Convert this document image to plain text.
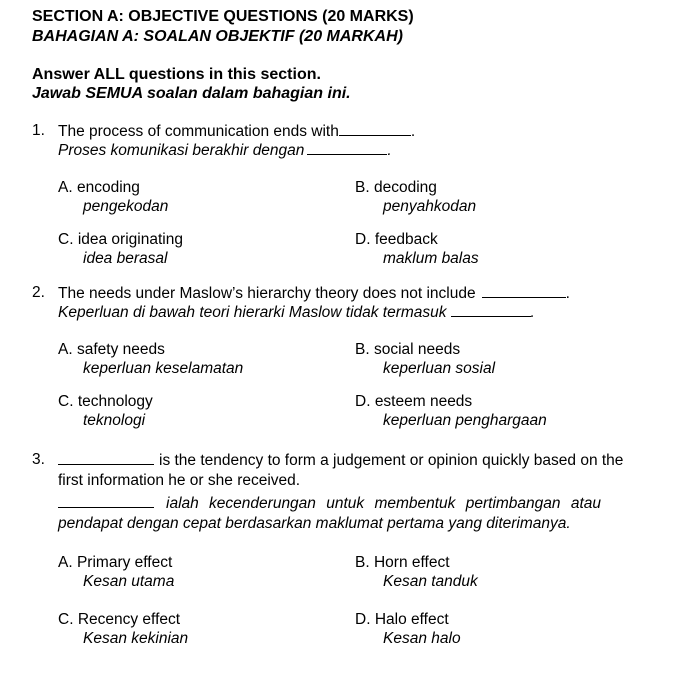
SECTION A: OBJECTIVE QUESTIONS (20 MARKS)
BAHAGIAN A: SOALAN OBJEKTIF (20 MARKAH)
Answer ALL questions in this section.
Jawab SEMUA soalan dalam bahagian ini.
1. The process of communication ends with	.
Proses komunikasi berakhir dengan	.
A. encoding
pengekodan
B. decoding
penyahkodan
C. idea originating
idea berasal
D. feedback
maklum balas
2. The needs under Maslow’s hierarchy theory does not include	.
Keperluan di bawah teori hierarki Maslow tidak termasuk	.
A. safety needs
keperluan keselamatan
B. social needs
keperluan sosial
C. technology
teknologi
D. esteem needs
keperluan penghargaan
3.	is the tendency to form a judgement or opinion quickly based on the
first information he or she received.
ialah kecenderungan untuk membentuk pertimbangan atau
pendapat dengan cepat berdasarkan maklumat pertama yang diterimanya.
A. Primary effect
Kesan utama
B. Horn effect
Kesan tanduk
C. Recency effect
Kesan kekinian
D. Halo effect
Kesan halo
